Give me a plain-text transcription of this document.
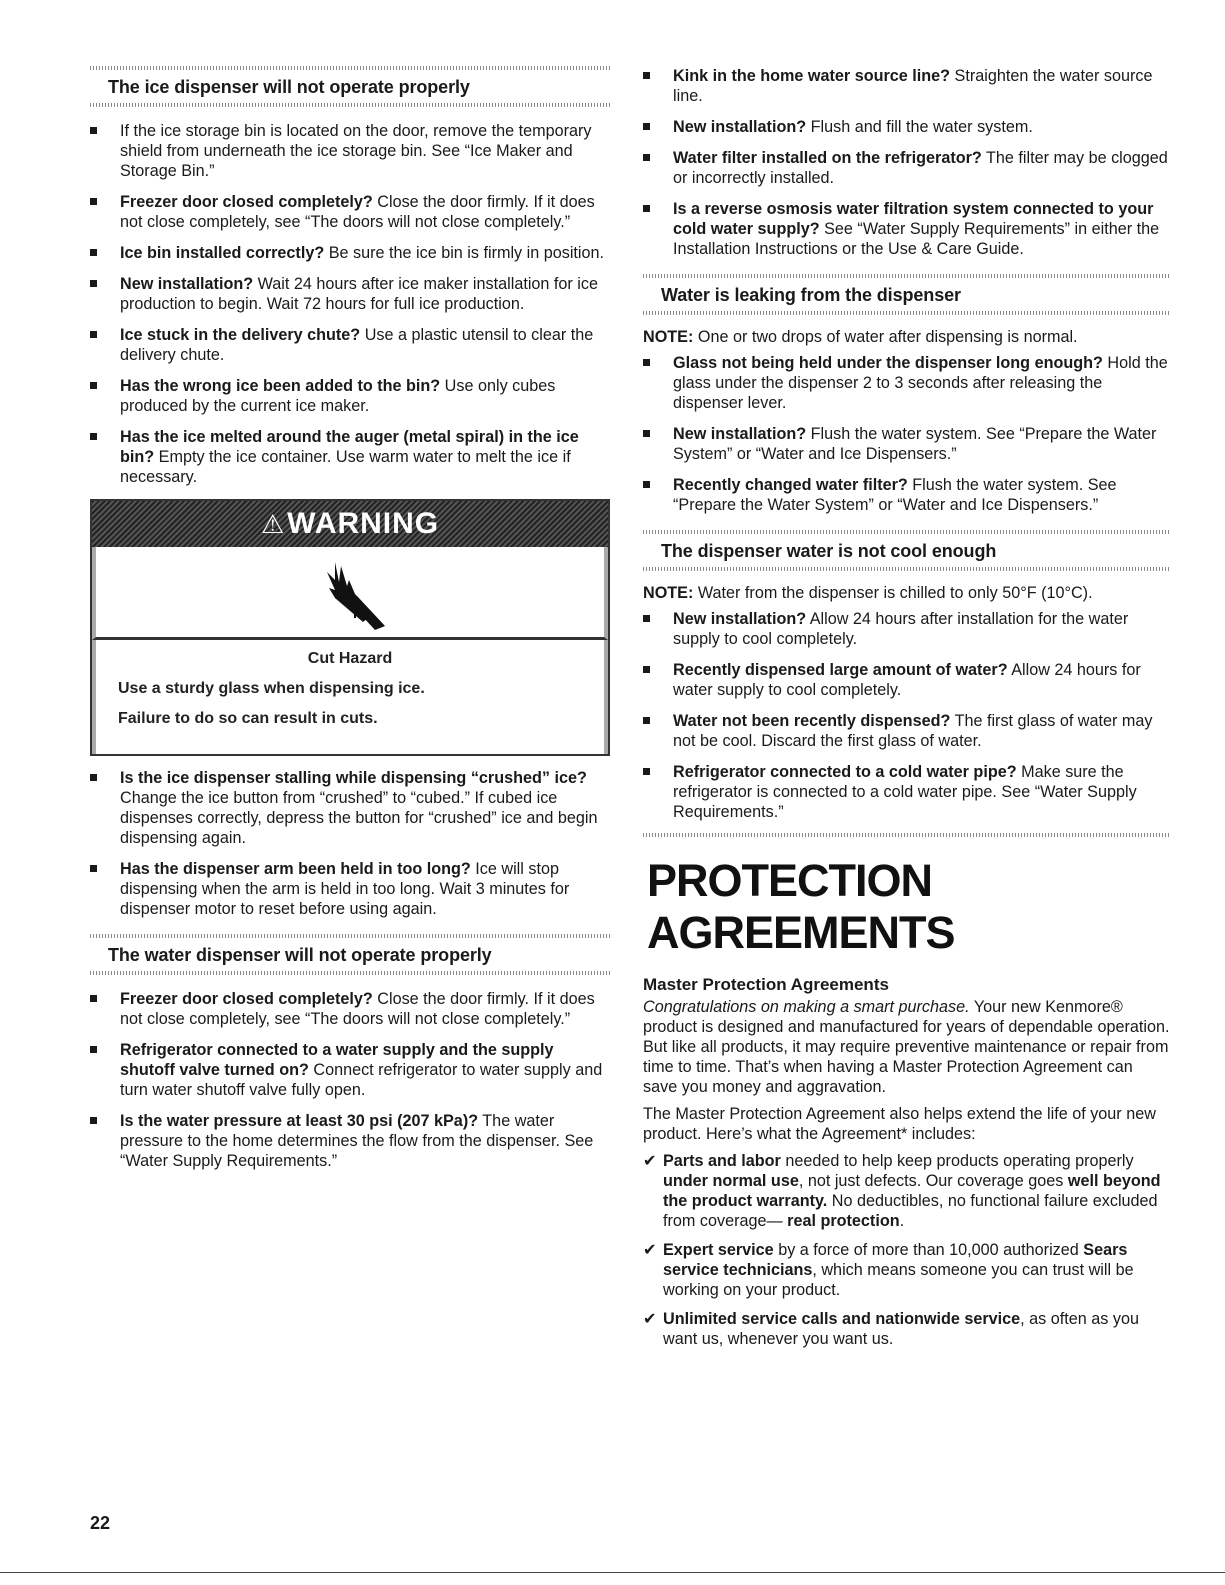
The ice dispenser will not operate properly
If the ice storage bin is located on the door, remove the temporary shield from underneath the ice storage bin. See “Ice Maker and Storage Bin.”
Freezer door closed completely? Close the door firmly. If it does not close completely, see “The doors will not close completely.”
Ice bin installed correctly? Be sure the ice bin is firmly in position.
New installation? Wait 24 hours after ice maker installation for ice production to begin. Wait 72 hours for full ice production.
Ice stuck in the delivery chute? Use a plastic utensil to clear the delivery chute.
Has the wrong ice been added to the bin? Use only cubes produced by the current ice maker.
Has the ice melted around the auger (metal spiral) in the ice bin? Empty the ice container. Use warm water to melt the ice if necessary.
⚠ WARNING
Cut Hazard

Use a sturdy glass when dispensing ice.

Failure to do so can result in cuts.

Is the ice dispenser stalling while dispensing “crushed” ice? Change the ice button from “crushed” to “cubed.” If cubed ice dispenses correctly, depress the button for “crushed” ice and begin dispensing again.
Has the dispenser arm been held in too long? Ice will stop dispensing when the arm is held in too long. Wait 3 minutes for dispenser motor to reset before using again.
The water dispenser will not operate properly
Freezer door closed completely? Close the door firmly. If it does not close completely, see “The doors will not close completely.”
Refrigerator connected to a water supply and the supply shutoff valve turned on? Connect refrigerator to water supply and turn water shutoff valve fully open.
Is the water pressure at least 30 psi (207 kPa)? The water pressure to the home determines the flow from the dispenser. See “Water Supply Requirements.”
Kink in the home water source line? Straighten the water source line.
New installation? Flush and fill the water system.
Water filter installed on the refrigerator? The filter may be clogged or incorrectly installed.
Is a reverse osmosis water filtration system connected to your cold water supply? See “Water Supply Requirements” in either the Installation Instructions or the Use & Care Guide.
Water is leaking from the dispenser
NOTE: One or two drops of water after dispensing is normal.
Glass not being held under the dispenser long enough? Hold the glass under the dispenser 2 to 3 seconds after releasing the dispenser lever.
New installation? Flush the water system. See “Prepare the Water System” or “Water and Ice Dispensers.”
Recently changed water filter? Flush the water system. See “Prepare the Water System” or “Water and Ice Dispensers.”
The dispenser water is not cool enough
NOTE: Water from the dispenser is chilled to only 50°F (10°C).
New installation? Allow 24 hours after installation for the water supply to cool completely.
Recently dispensed large amount of water? Allow 24 hours for water supply to cool completely.
Water not been recently dispensed? The first glass of water may not be cool. Discard the first glass of water.
Refrigerator connected to a cold water pipe? Make sure the refrigerator is connected to a cold water pipe. See “Water Supply Requirements.”
PROTECTION AGREEMENTS
Master Protection Agreements

Congratulations on making a smart purchase. Your new Kenmore® product is designed and manufactured for years of dependable operation. But like all products, it may require preventive maintenance or repair from time to time. That’s when having a Master Protection Agreement can save you money and aggravation.

The Master Protection Agreement also helps extend the life of your new product. Here’s what the Agreement* includes:

✔ Parts and labor needed to help keep products operating properly under normal use, not just defects. Our coverage goes well beyond the product warranty. No deductibles, no functional failure excluded from coverage— real protection.
✔ Expert service by a force of more than 10,000 authorized Sears service technicians, which means someone you can trust will be working on your product.
✔ Unlimited service calls and nationwide service, as often as you want us, whenever you want us.
22
